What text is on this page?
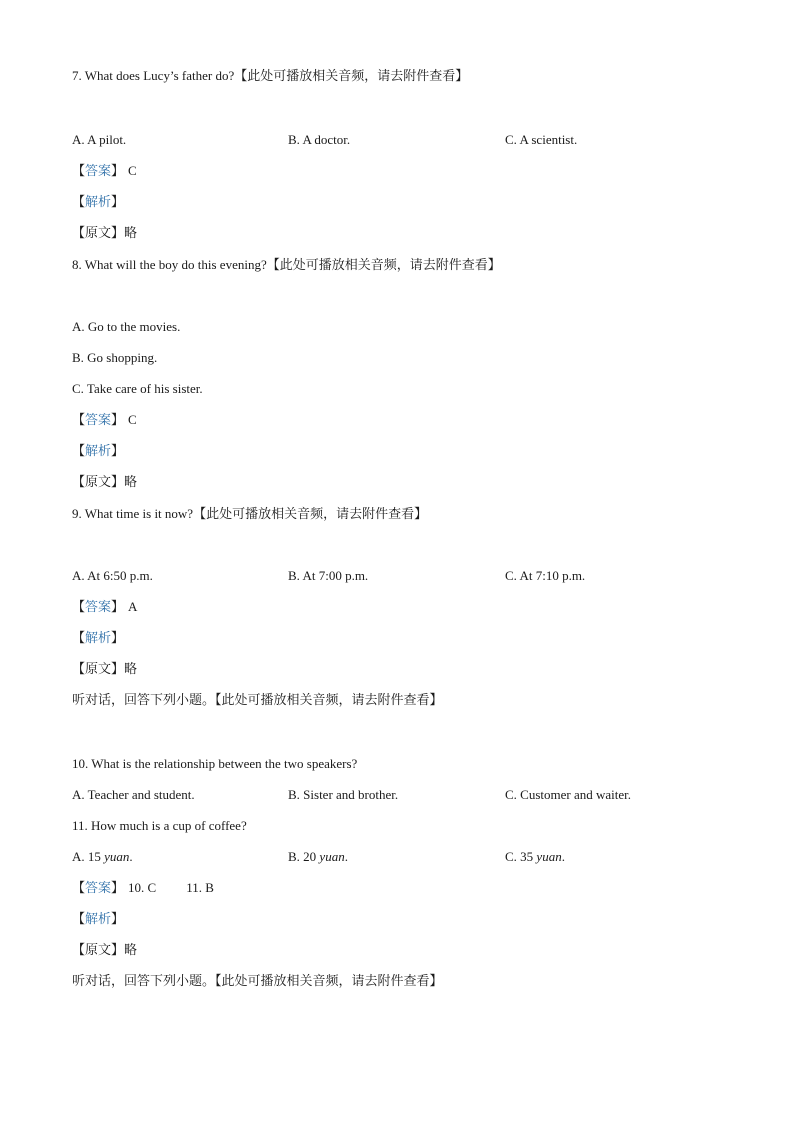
7. What does Lucy’s father do?【此处可播放相关音频，请去附件查看】
A. A pilot.	B. A doctor.	C. A scientist.
【答案】 C
【解析】
【原文】略
8. What will the boy do this evening?【此处可播放相关音频，请去附件查看】
A. Go to the movies.
B. Go shopping.
C. Take care of his sister.
【答案】 C
【解析】
【原文】略
9. What time is it now?【此处可播放相关音频，请去附件查看】
A. At 6:50 p.m.	B. At 7:00 p.m.	C. At 7:10 p.m.
【答案】 A
【解析】
【原文】略
听对话，回答下列小题。【此处可播放相关音频，请去附件查看】
10. What is the relationship between the two speakers?
A. Teacher and student.	B. Sister and brother.	C. Customer and waiter.
11. How much is a cup of coffee?
A. 15 yuan.	B. 20 yuan.	C. 35 yuan.
【答案】 10. C 11. B
【解析】
【原文】略
听对话，回答下列小题。【此处可播放相关音频，请去附件查看】
